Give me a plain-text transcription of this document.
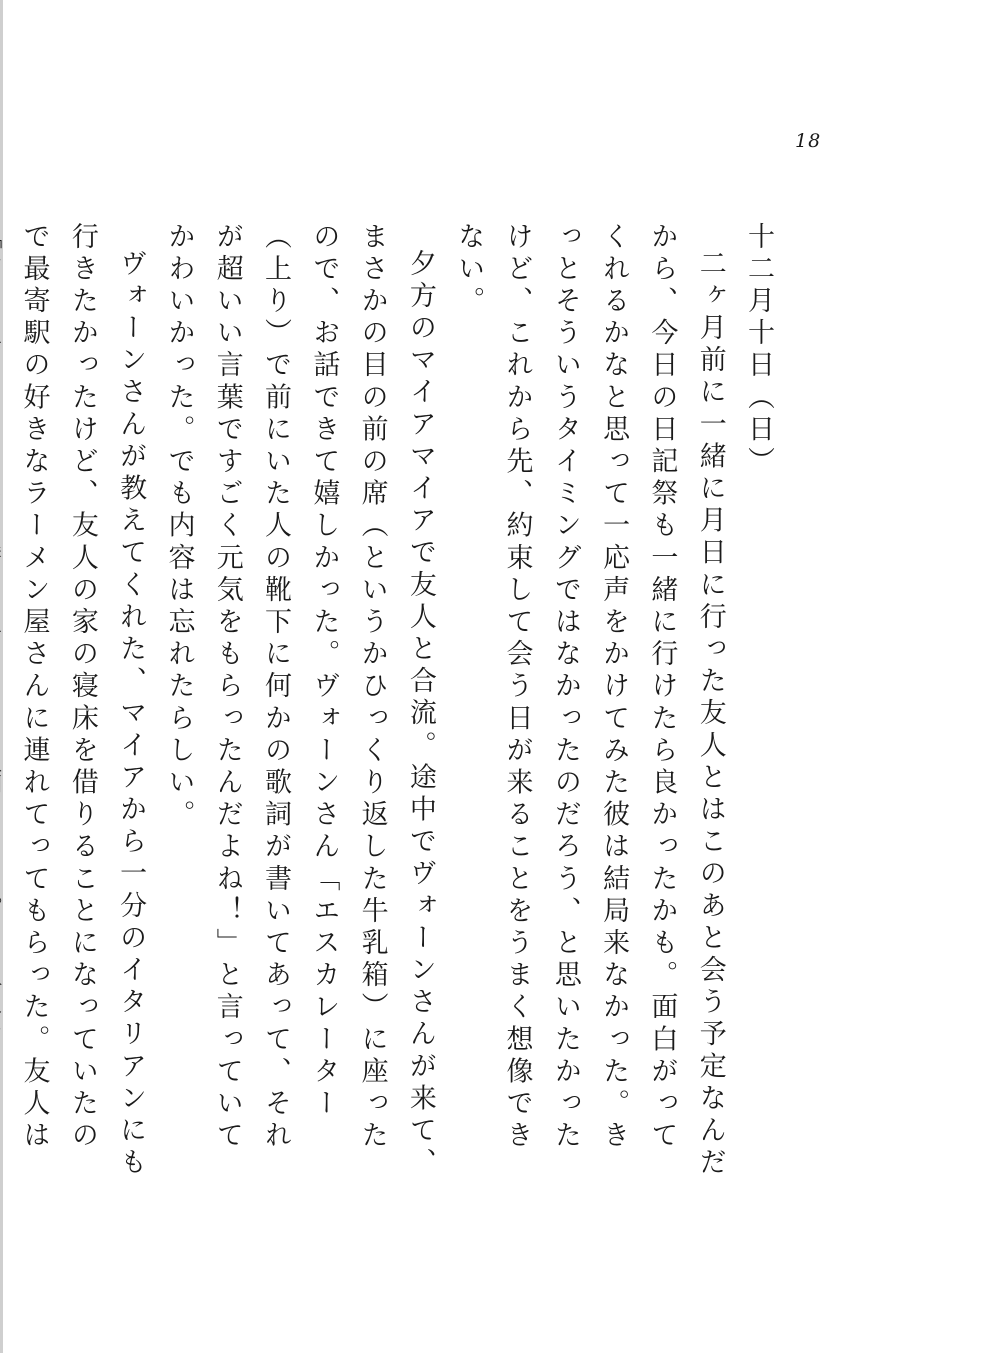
18

十二月十日（日）

二ヶ月前に一緒に月日に行った友人とはこのあと会う予定なんだから、今日の日記祭も一緒に行けたら良かったかも。面白がってくれるかなと思って一応声をかけてみた彼は結局来なかった。きっとそういうタイミングではなかったのだろう、と思いたかったけど、これから先、約束して会う日が来ることをうまく想像できない。

夕方のマイアマイアで友人と合流。途中でヴォーンさんが来て、まさかの目の前の席（というかひっくり返した牛乳箱）に座ったので、お話できて嬉しかった。ヴォーンさん「エスカレーター（上り）で前にいた人の靴下に何かの歌詞が書いてあって、それが超いい言葉ですごく元気をもらったんだよね！」と言っていてかわいかった。でも内容は忘れたらしい。

ヴォーンさんが教えてくれた、マイアから一分のイタリアンにも行きたかったけど、友人の家の寝床を借りることになっていたので最寄駅の好きなラーメン屋さんに連れてってもらった。友人は
